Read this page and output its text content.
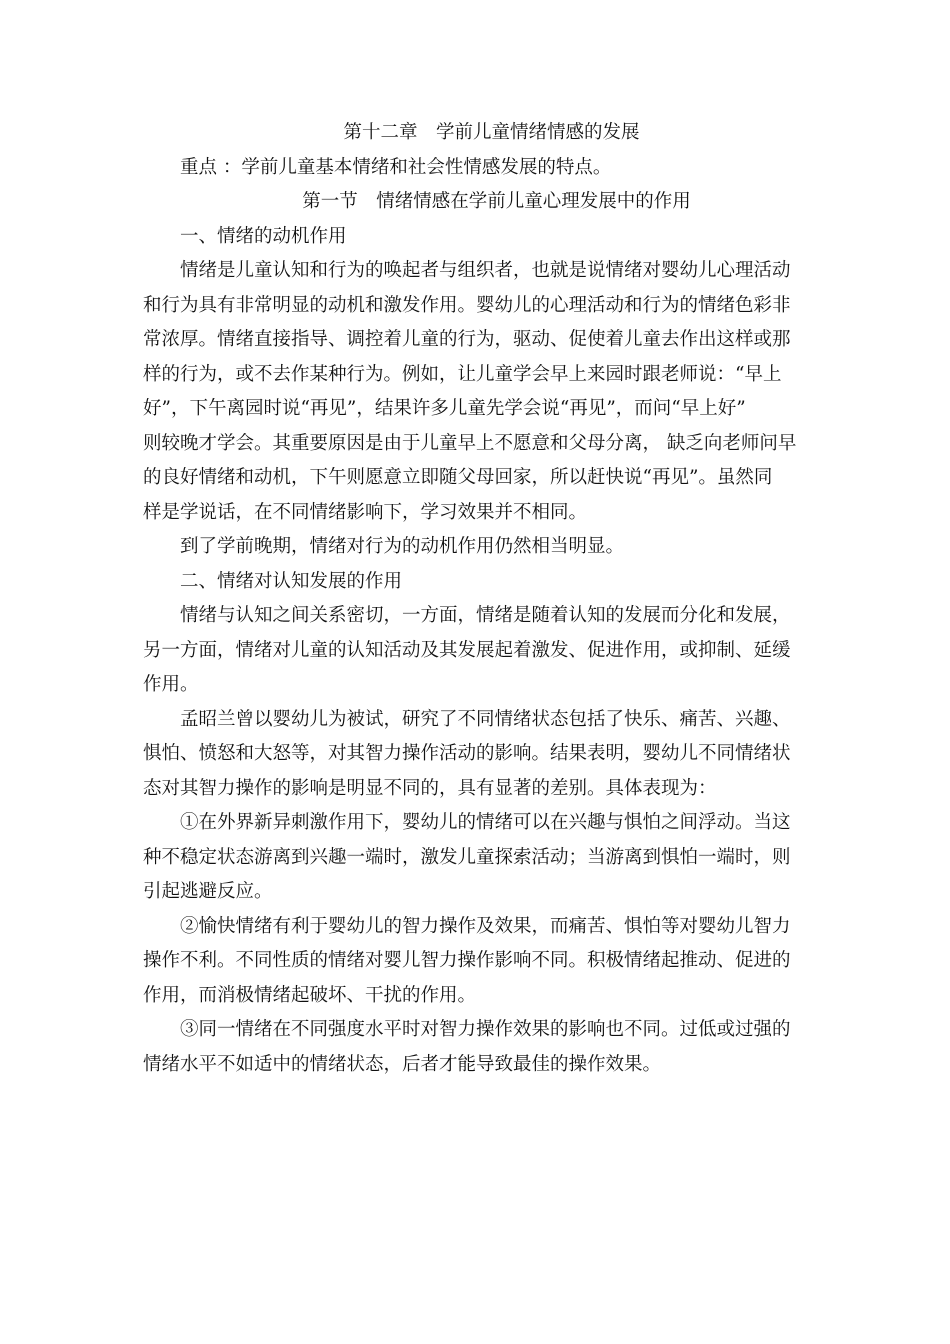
第十二章　学前儿童情绪情感的发展

重点 ：学前儿童基本情绪和社会性情感发展的特点。

第一节　情绪情感在学前儿童心理发展中的作用

一、情绪的动机作用

情绪是儿童认知和行为的唤起者与组织者，也就是说情绪对婴幼儿心理活动
和行为具有非常明显的动机和激发作用。婴幼儿的心理活动和行为的情绪色彩非
常浓厚。情绪直接指导、调控着儿童的行为，驱动、促使着儿童去作出这样或那
样的行为，或不去作某种行为。例如，让儿童学会早上来园时跟老师说：“早上
好”，下午离园时说“再见”，结果许多儿童先学会说“再见”，而问“早上好”
则较晚才学会。其重要原因是由于儿童早上不愿意和父母分离， 缺乏向老师问早
的良好情绪和动机，下午则愿意立即随父母回家，所以赶快说“再见”。虽然同
样是学说话，在不同情绪影响下，学习效果并不相同。

到了学前晚期，情绪对行为的动机作用仍然相当明显。

二、情绪对认知发展的作用

情绪与认知之间关系密切，一方面，情绪是随着认知的发展而分化和发展，
另一方面，情绪对儿童的认知活动及其发展起着激发、促进作用，或抑制、延缓
作用。
孟昭兰曾以婴幼儿为被试，研究了不同情绪状态包括了快乐、痛苦、兴趣、
惧怕、愤怒和大怒等，对其智力操作活动的影响。结果表明，婴幼儿不同情绪状
态对其智力操作的影响是明显不同的，具有显著的差别。具体表现为：
①在外界新异刺激作用下，婴幼儿的情绪可以在兴趣与惧怕之间浮动。当这
种不稳定状态游离到兴趣一端时，激发儿童探索活动；当游离到惧怕一端时，则
引起逃避反应。
②愉快情绪有利于婴幼儿的智力操作及效果，而痛苦、惧怕等对婴幼儿智力
操作不利。不同性质的情绪对婴儿智力操作影响不同。积极情绪起推动、促进的
作用，而消极情绪起破坏、干扰的作用。
③同一情绪在不同强度水平时对智力操作效果的影响也不同。过低或过强的
情绪水平不如适中的情绪状态，后者才能导致最佳的操作效果。
